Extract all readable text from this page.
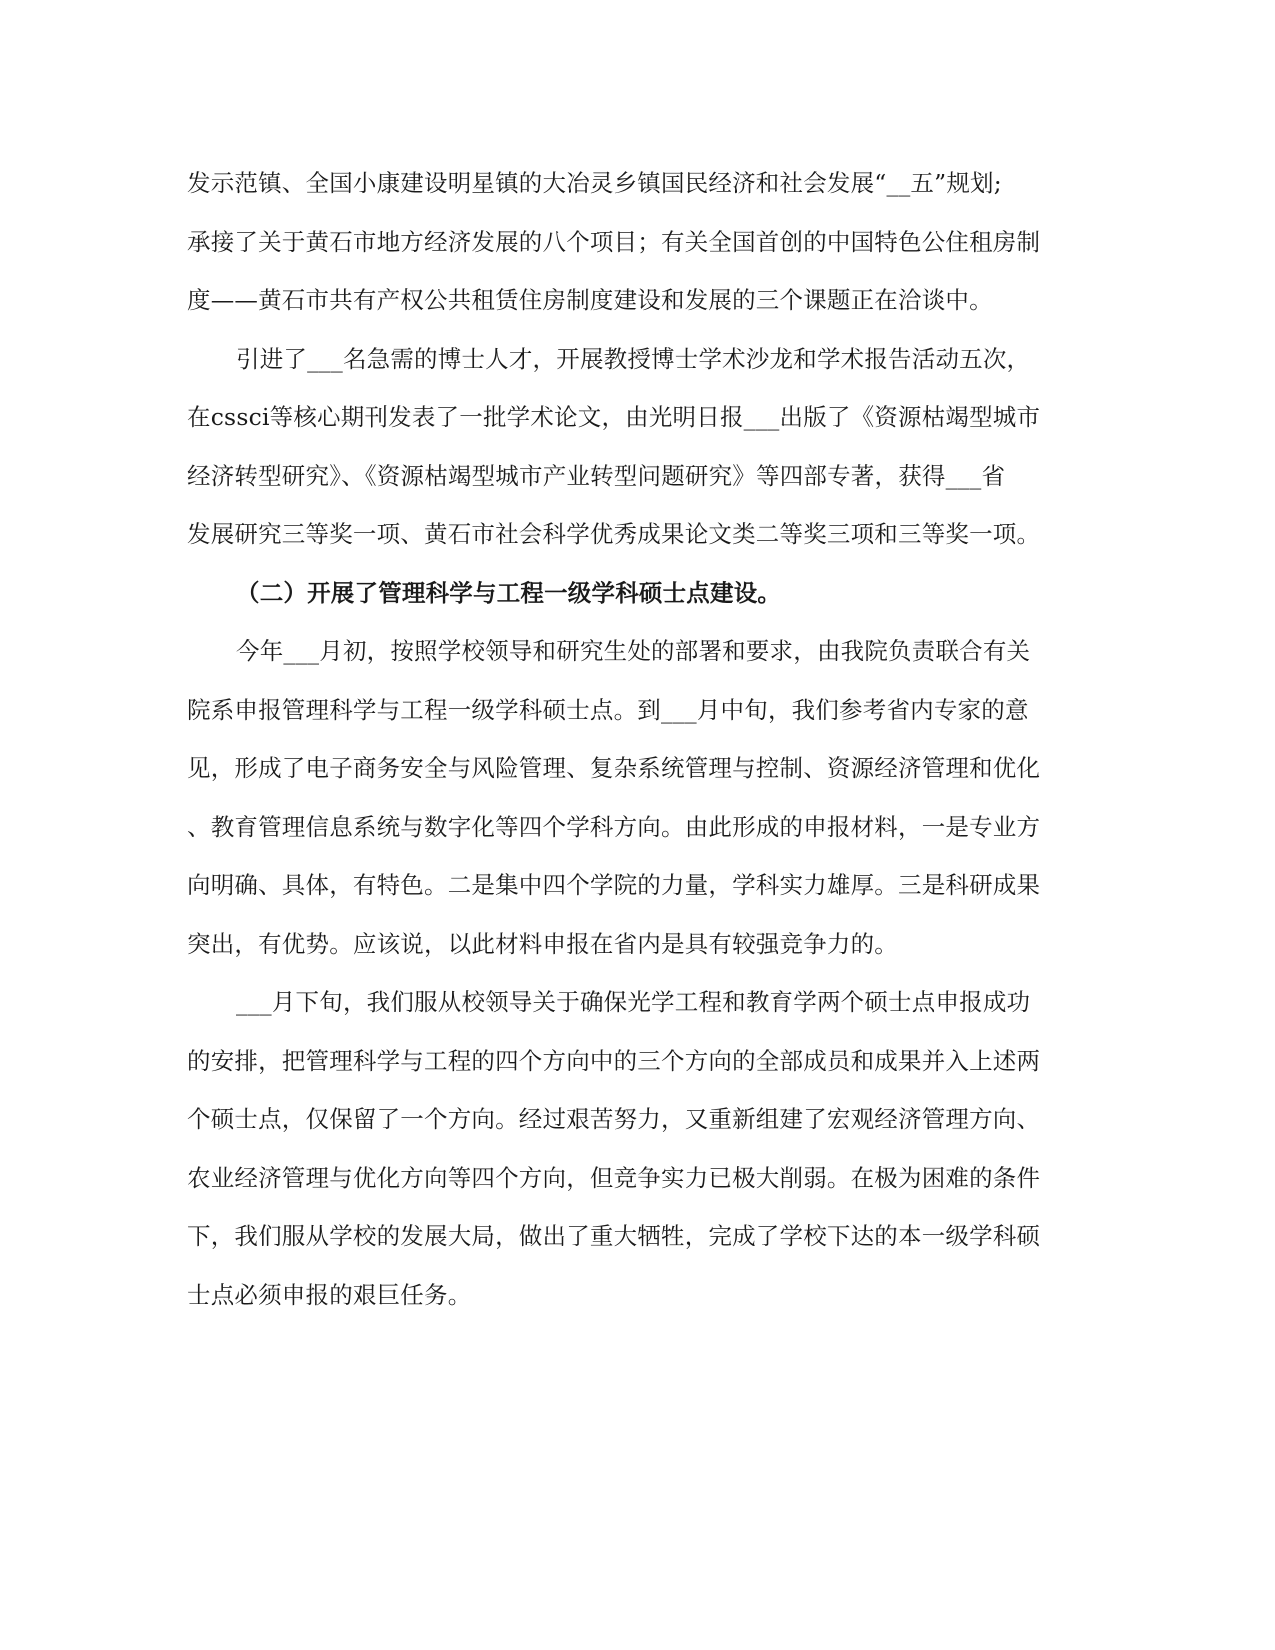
发示范镇、全国小康建设明星镇的大冶灵乡镇国民经济和社会发展“__五”规划;
承接了关于黄石市地方经济发展的八个项目；有关全国首创的中国特色公住租房制
度——黄石市共有产权公共租赁住房制度建设和发展的三个课题正在洽谈中。
引进了___名急需的博士人才，开展教授博士学术沙龙和学术报告活动五次，
在cssci等核心期刊发表了一批学术论文，由光明日报___出版了《资源枯竭型城市
经济转型研究》、《资源枯竭型城市产业转型问题研究》等四部专著，获得___省
发展研究三等奖一项、黄石市社会科学优秀成果论文类二等奖三项和三等奖一项。
（二）开展了管理科学与工程一级学科硕士点建设。
今年___月初，按照学校领导和研究生处的部署和要求，由我院负责联合有关
院系申报管理科学与工程一级学科硕士点。到___月中旬，我们参考省内专家的意
见，形成了电子商务安全与风险管理、复杂系统管理与控制、资源经济管理和优化
、教育管理信息系统与数字化等四个学科方向。由此形成的申报材料，一是专业方
向明确、具体，有特色。二是集中四个学院的力量，学科实力雄厚。三是科研成果
突出，有优势。应该说，以此材料申报在省内是具有较强竞争力的。
___月下旬，我们服从校领导关于确保光学工程和教育学两个硕士点申报成功
的安排，把管理科学与工程的四个方向中的三个方向的全部成员和成果并入上述两
个硕士点，仅保留了一个方向。经过艰苦努力，又重新组建了宏观经济管理方向、
农业经济管理与优化方向等四个方向，但竞争实力已极大削弱。在极为困难的条件
下，我们服从学校的发展大局，做出了重大牺牲，完成了学校下达的本一级学科硕
士点必须申报的艰巨任务。
